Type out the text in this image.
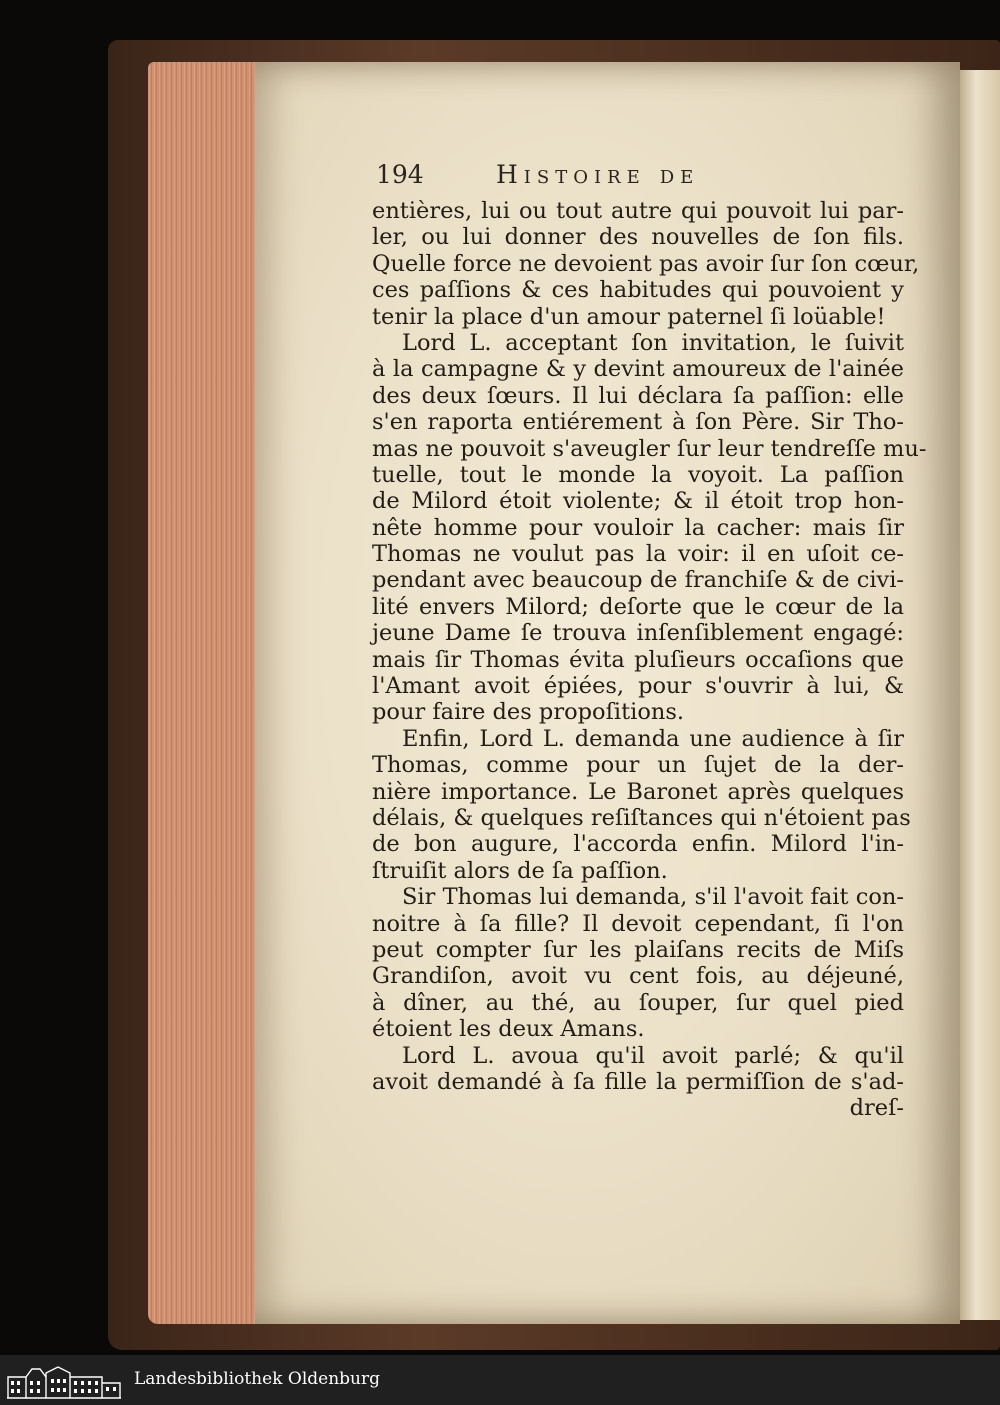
194	Histoire de
entières, lui ou tout autre qui pouvoit lui par-
ler, ou lui donner des nouvelles de ſon fils.
Quelle force ne devoient pas avoir ſur ſon cœur,
ces paſſions & ces habitudes qui pouvoient y
tenir la place d'un amour paternel ſi loüable!
Lord L. acceptant ſon invitation, le ſuivit
à la campagne & y devint amoureux de l'ainée
des deux ſœurs. Il lui déclara ſa paſſion: elle
s'en raporta entiérement à ſon Père. Sir Tho-
mas ne pouvoit s'aveugler ſur leur tendreſſe mu-
tuelle, tout le monde la voyoit. La paſſion
de Milord étoit violente; & il étoit trop hon-
nête homme pour vouloir la cacher: mais ſir
Thomas ne voulut pas la voir: il en uſoit ce-
pendant avec beaucoup de franchiſe & de civi-
lité envers Milord; deſorte que le cœur de la
jeune Dame ſe trouva inſenſiblement engagé:
mais ſir Thomas évita pluſieurs occaſions que
l'Amant avoit épiées, pour s'ouvrir à lui, &
pour faire des propoſitions.
Enfin, Lord L. demanda une audience à ſir
Thomas, comme pour un ſujet de la der-
nière importance. Le Baronet après quelques
délais, & quelques reſiſtances qui n'étoient pas
de bon augure, l'accorda enfin. Milord l'in-
ſtruiſit alors de ſa paſſion.
Sir Thomas lui demanda, s'il l'avoit fait con-
noitre à ſa fille? Il devoit cependant, ſi l'on
peut compter ſur les plaiſans recits de Miſs
Grandiſon, avoit vu cent fois, au déjeuné,
à dîner, au thé, au ſouper, ſur quel pied
étoient les deux Amans.
Lord L. avoua qu'il avoit parlé; & qu'il
avoit demandé à ſa fille la permiſſion de s'ad-
dreſ-
Landesbibliothek Oldenburg
